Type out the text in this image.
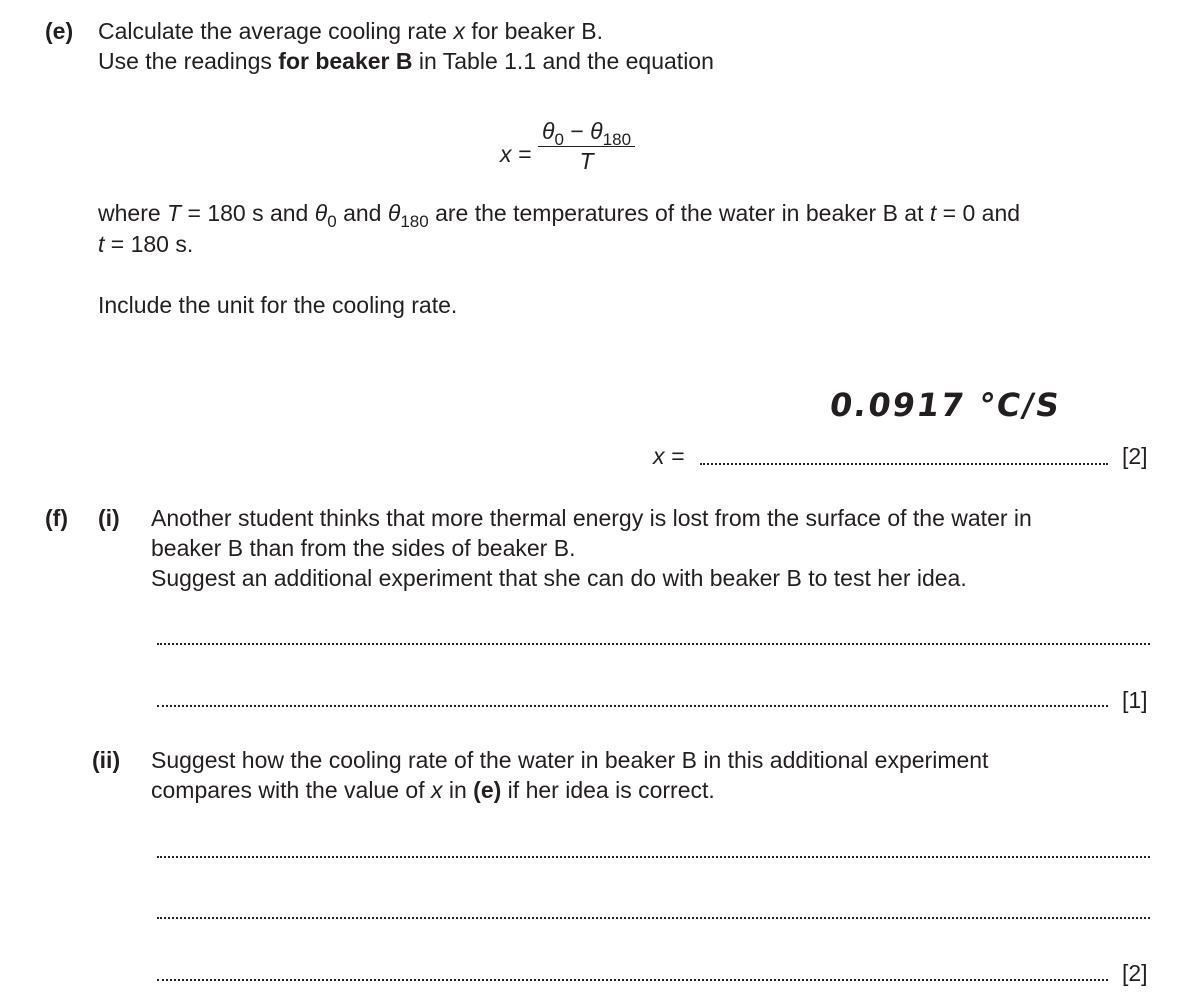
(e) Calculate the average cooling rate x for beaker B.
Use the readings for beaker B in Table 1.1 and the equation
$x = \frac{\theta_0 - \theta_{180}}{T}$
where T = 180 s and $\theta_0$ and $\theta_{180}$ are the temperatures of the water in beaker B at t = 0 and
t = 180 s.
Include the unit for the cooling rate.
0.0917 °C/S
x =	[2]
(f) (i) Another student thinks that more thermal energy is lost from the surface of the water in
beaker B than from the sides of beaker B.
Suggest an additional experiment that she can do with beaker B to test her idea.
[1]
(ii) Suggest how the cooling rate of the water in beaker B in this additional experiment
compares with the value of x in (e) if her idea is correct.
[2]
